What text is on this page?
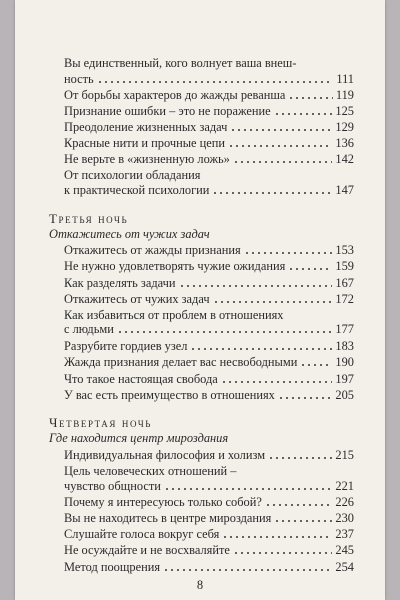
Вы единственный, кого волнует ваша внеш-
ность	111
От борьбы характеров до жажды реванша	119
Признание ошибки – это не поражение	125
Преодоление жизненных задач	129
Красные нити и прочные цепи	136
Не верьте в «жизненную ложь»	142
От психологии обладания
к практической психологии	147
Третья ночь
Откажитесь от чужих задач
Откажитесь от жажды признания	153
Не нужно удовлетворять чужие ожидания	159
Как разделять задачи	167
Откажитесь от чужих задач	172
Как избавиться от проблем в отношениях
с людьми	177
Разрубите гордиев узел	183
Жажда признания делает вас несвободными	190
Что такое настоящая свобода	197
У вас есть преимущество в отношениях	205
Четвертая ночь
Где находится центр мироздания
Индивидуальная философия и холизм	215
Цель человеческих отношений –
чувство общности	221
Почему я интересуюсь только собой?	226
Вы не находитесь в центре мироздания	230
Слушайте голоса вокруг себя	237
Не осуждайте и не восхваляйте	245
Метод поощрения	254
8
